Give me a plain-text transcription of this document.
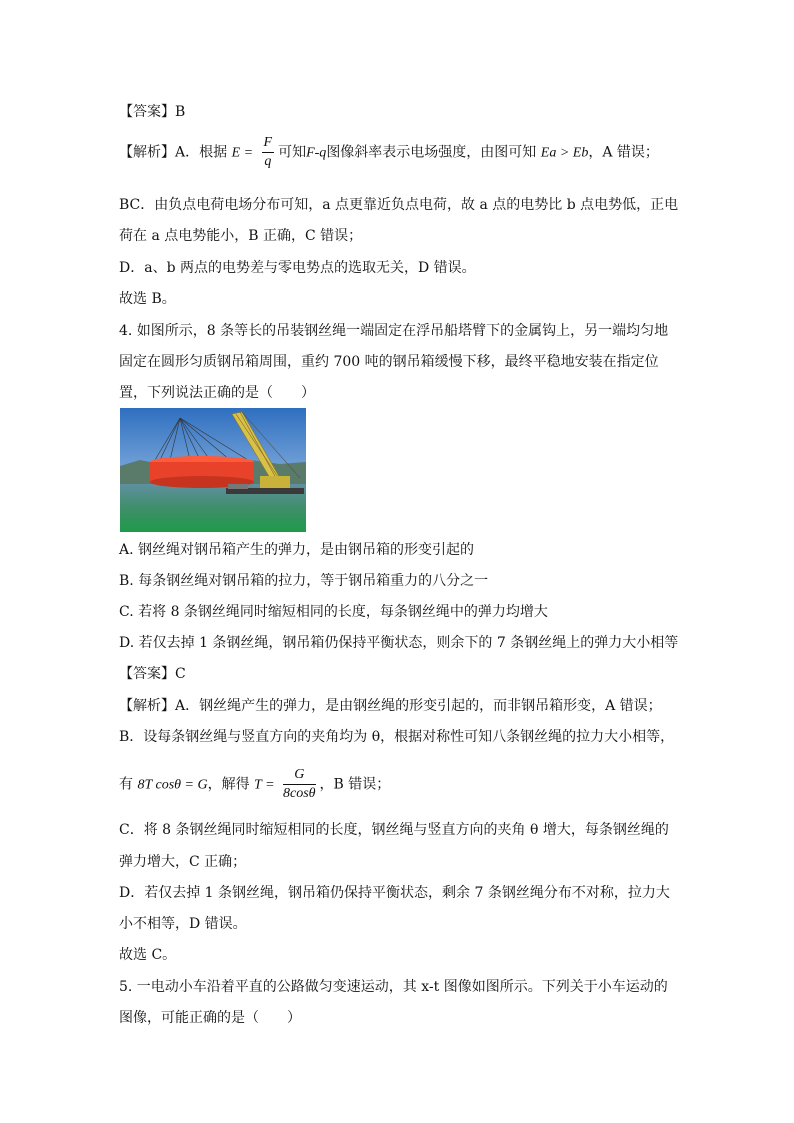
【答案】B
【解析】A．根据 $E = \frac{F}{q}$ 可知F-q图像斜率表示电场强度，由图可知 Ea > Eb，A 错误；
BC．由负点电荷电场分布可知，a 点更靠近负点电荷，故 a 点的电势比 b 点电势低，正电
荷在 a 点电势能小，B 正确，C 错误；
D．a、b 两点的电势差与零电势点的选取无关，D 错误。
故选 B。
4. 如图所示，8 条等长的吊装钢丝绳一端固定在浮吊船塔臂下的金属钩上，另一端均匀地
固定在圆形匀质钢吊箱周围，重约 700 吨的钢吊箱缓慢下移，最终平稳地安装在指定位
置，下列说法正确的是（　　）
A. 钢丝绳对钢吊箱产生的弹力，是由钢吊箱的形变引起的
B. 每条钢丝绳对钢吊箱的拉力，等于钢吊箱重力的八分之一
C. 若将 8 条钢丝绳同时缩短相同的长度，每条钢丝绳中的弹力均增大
D. 若仅去掉 1 条钢丝绳，钢吊箱仍保持平衡状态，则余下的 7 条钢丝绳上的弹力大小相等
【答案】C
【解析】A．钢丝绳产生的弹力，是由钢丝绳的形变引起的，而非钢吊箱形变，A 错误；
B．设每条钢丝绳与竖直方向的夹角均为 θ，根据对称性可知八条钢丝绳的拉力大小相等，
有 8T cosθ = G，解得 $T = \frac{G}{8\cos\theta}$ ，B 错误；
C．将 8 条钢丝绳同时缩短相同的长度，钢丝绳与竖直方向的夹角 θ 增大，每条钢丝绳的
弹力增大，C 正确；
D．若仅去掉 1 条钢丝绳，钢吊箱仍保持平衡状态，剩余 7 条钢丝绳分布不对称，拉力大
小不相等，D 错误。
故选 C。
5. 一电动小车沿着平直的公路做匀变速运动，其 x-t 图像如图所示。下列关于小车运动的
图像，可能正确的是（　　）
